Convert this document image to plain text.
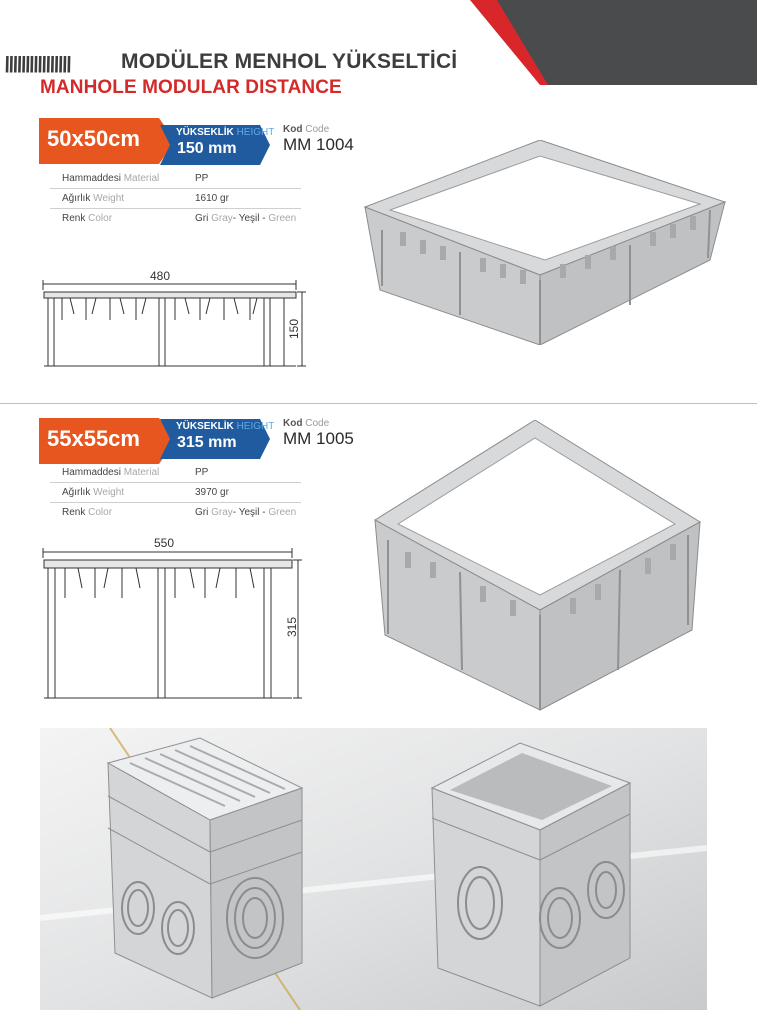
\\\\\\\\\\\\\\\\ MODÜLER MENHOL YÜKSELTİCİ
MANHOLE MODULAR DISTANCE
50x50cm	YÜKSEKLİK HEIGHT
150 mm
Kod Code
MM 1004
Hammaddesi Material	PP
Ağırlık Weight	1610 gr
Renk Color	Gri Gray- Yeşil - Green
480
150
55x55cm	YÜKSEKLİK HEIGHT
315 mm
Kod Code
MM 1005
Hammaddesi Material	PP
Ağırlık Weight	3970 gr
Renk Color	Gri Gray- Yeşil - Green
550
315
